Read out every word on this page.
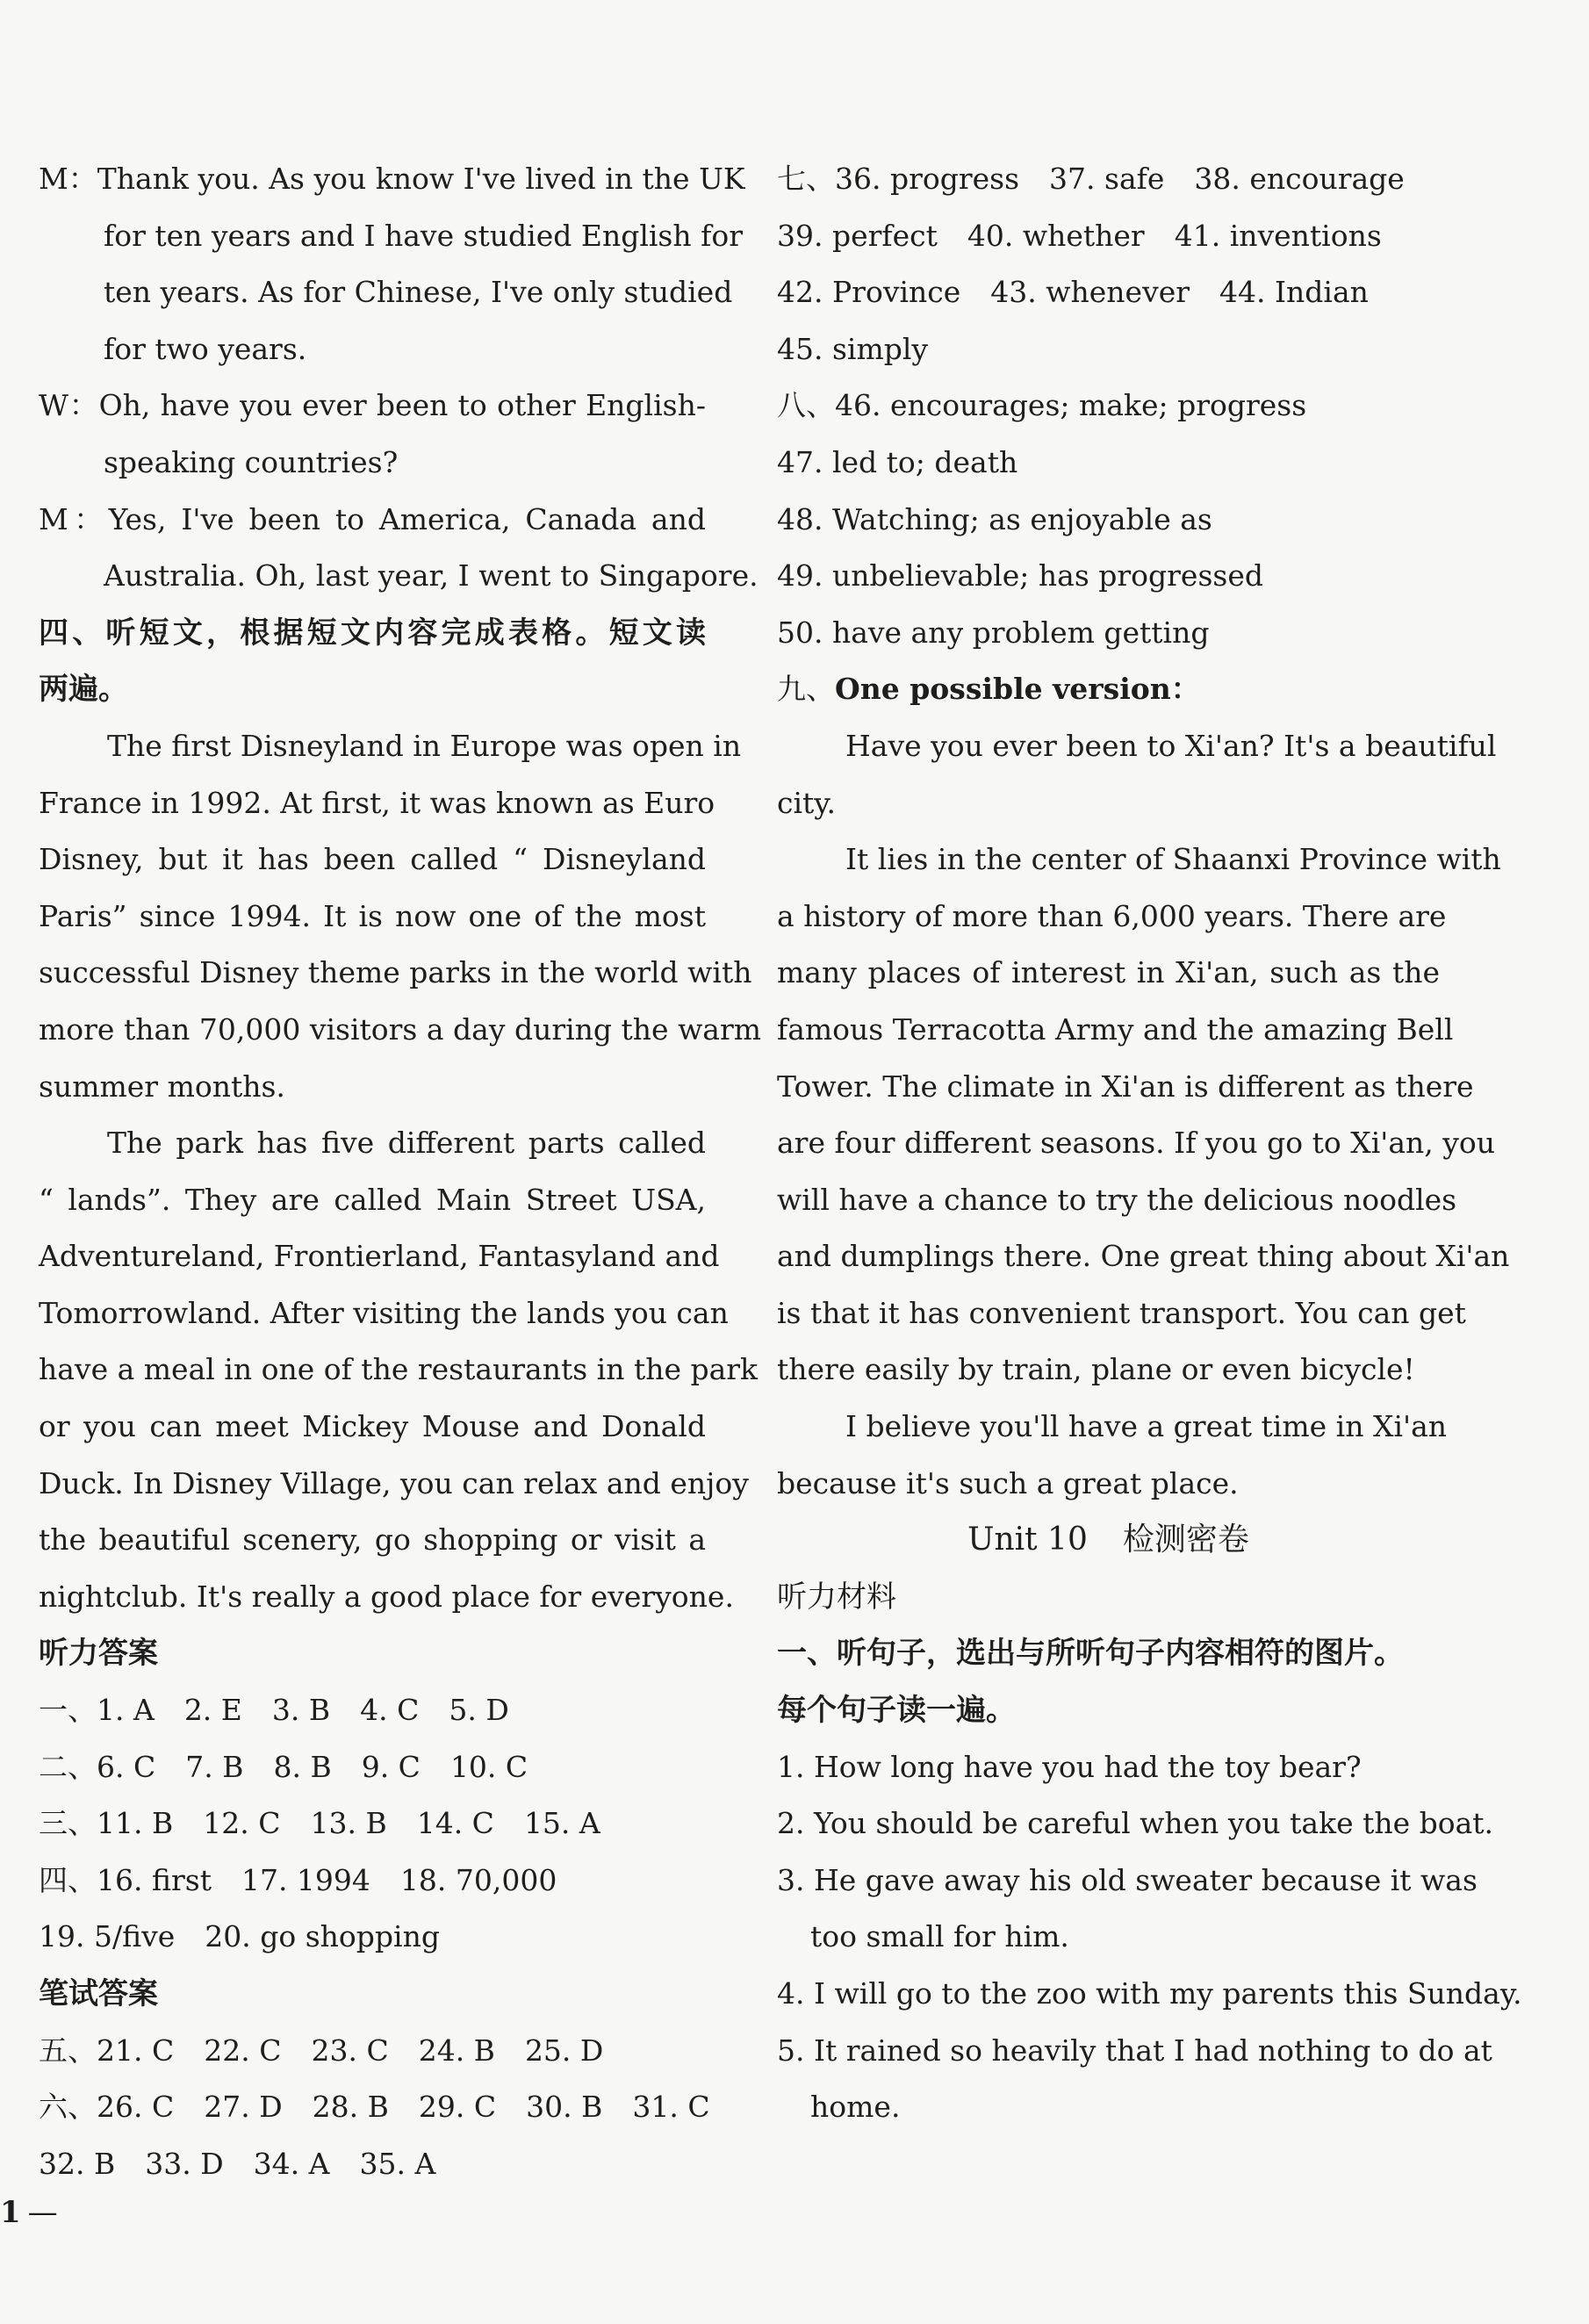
M：Thank you. As you know I've lived in the UK
for ten years and I have studied English for
ten years. As for Chinese, I've only studied
for two years.
W：Oh, have you ever been to other English-
speaking countries?
M：Yes, I've been to America, Canada and
Australia. Oh, last year, I went to Singapore.
四、听短文，根据短文内容完成表格。短文读
两遍。
The first Disneyland in Europe was open in
France in 1992. At first, it was known as Euro
Disney, but it has been called “ Disneyland
Paris” since 1994. It is now one of the most
successful Disney theme parks in the world with
more than 70,000 visitors a day during the warm
summer months.
The park has five different parts called
“ lands”. They are called Main Street USA,
Adventureland, Frontierland, Fantasyland and
Tomorrowland. After visiting the lands you can
have a meal in one of the restaurants in the park
or you can meet Mickey Mouse and Donald
Duck. In Disney Village, you can relax and enjoy
the beautiful scenery, go shopping or visit a
nightclub. It's really a good place for everyone.
听力答案
一、1. A 2. E 3. B 4. C 5. D
二、6. C 7. B 8. B 9. C 10. C
三、11. B 12. C 13. B 14. C 15. A
四、16. first 17. 1994 18. 70,000
19. 5/five 20. go shopping
笔试答案
五、21. C 22. C 23. C 24. B 25. D
六、26. C 27. D 28. B 29. C 30. B 31. C
32. B 33. D 34. A 35. A
七、36. progress 37. safe 38. encourage
39. perfect 40. whether 41. inventions
42. Province 43. whenever 44. Indian
45. simply
八、46. encourages; make; progress
47. led to; death
48. Watching; as enjoyable as
49. unbelievable; has progressed
50. have any problem getting
九、One possible version：
Have you ever been to Xi'an? It's a beautiful
city.
It lies in the center of Shaanxi Province with
a history of more than 6,000 years. There are
many places of interest in Xi'an, such as the
famous Terracotta Army and the amazing Bell
Tower. The climate in Xi'an is different as there
are four different seasons. If you go to Xi'an, you
will have a chance to try the delicious noodles
and dumplings there. One great thing about Xi'an
is that it has convenient transport. You can get
there easily by train, plane or even bicycle!
I believe you'll have a great time in Xi'an
because it's such a great place.
Unit 10 检测密卷
听力材料
一、听句子，选出与所听句子内容相符的图片。
每个句子读一遍。
1. How long have you had the toy bear?
2. You should be careful when you take the boat.
3. He gave away his old sweater because it was
too small for him.
4. I will go to the zoo with my parents this Sunday.
5. It rained so heavily that I had nothing to do at
home.
1 —
